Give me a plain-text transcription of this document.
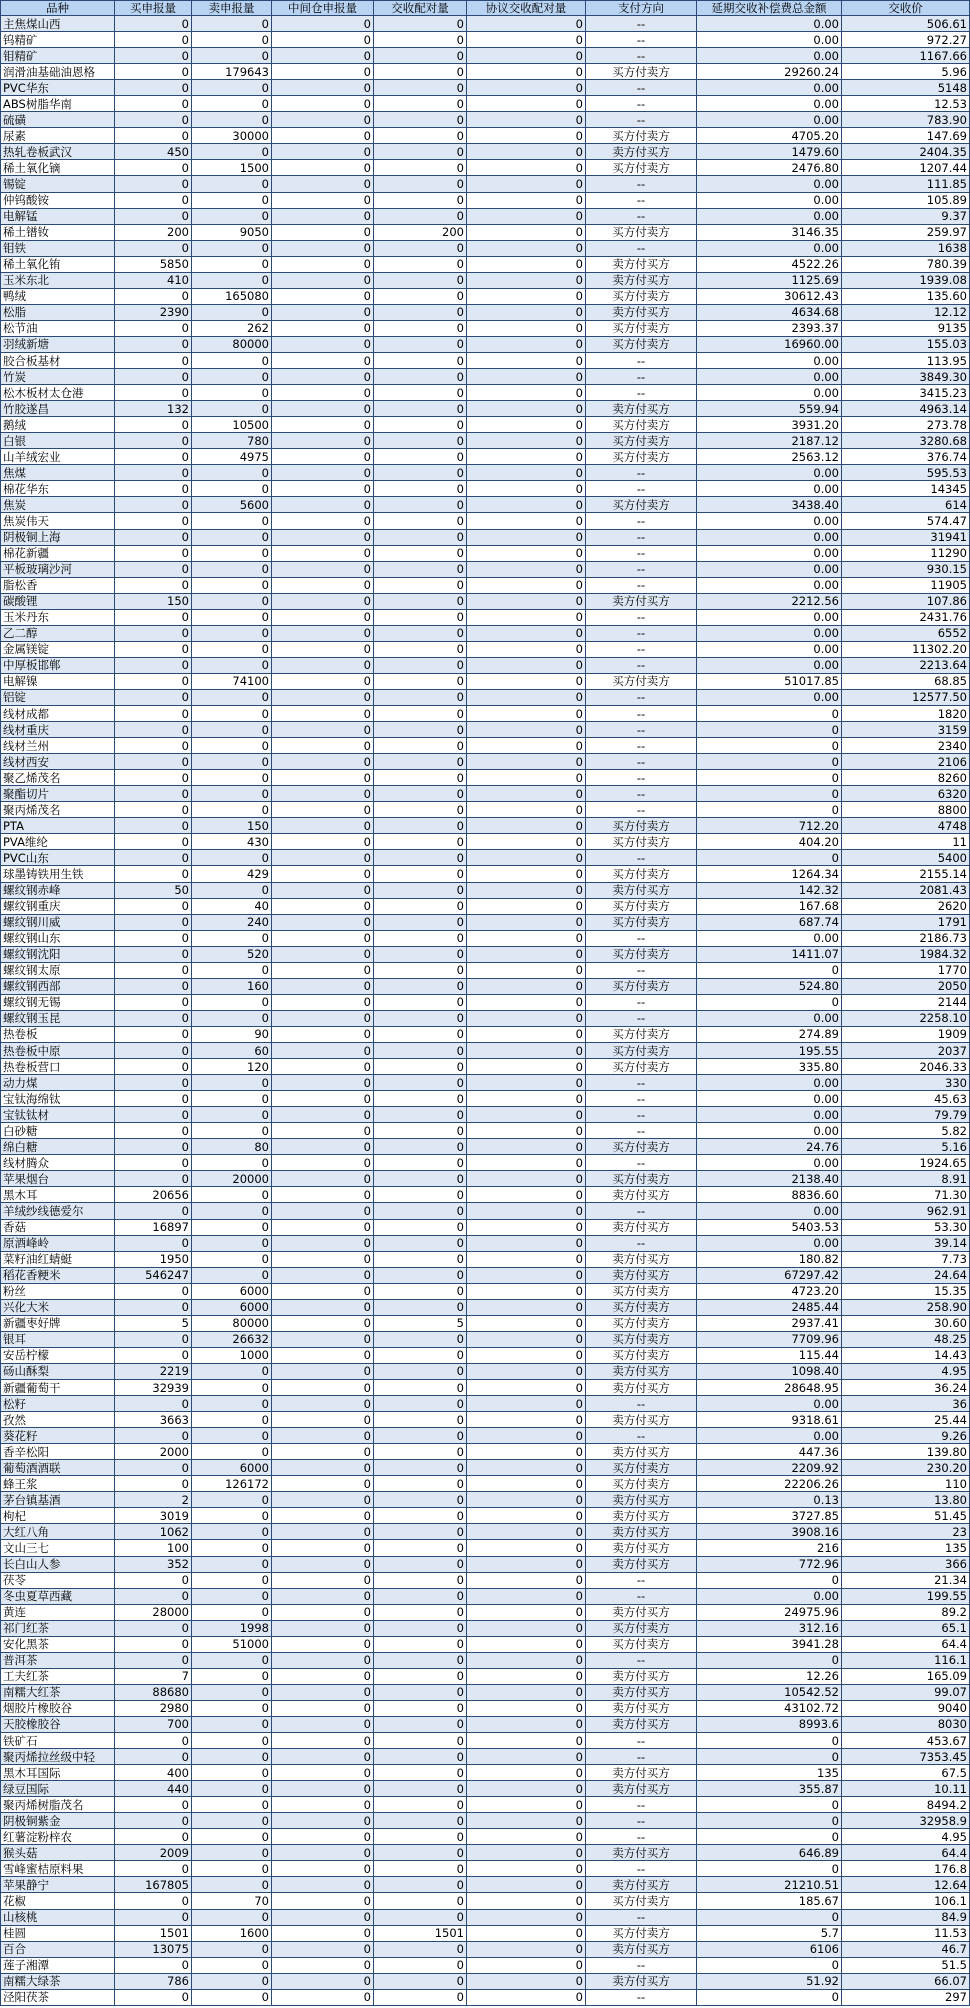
品种	买申报量	卖申报量	中间仓申报量	交收配对量	协议交收配对量	支付方向	延期交收补偿费总金额	交收价
主焦煤山西	0	0	0	0	0	--	0.00	506.61
钨精矿	0	0	0	0	0	--	0.00	972.27
钼精矿	0	0	0	0	0	--	0.00	1167.66
润滑油基础油恩格	0	179643	0	0	0	买方付卖方	29260.24	5.96
PVC华东	0	0	0	0	0	--	0.00	5148
ABS树脂华南	0	0	0	0	0	--	0.00	12.53
硫磺	0	0	0	0	0	--	0.00	783.90
尿素	0	30000	0	0	0	买方付卖方	4705.20	147.69
热轧卷板武汉	450	0	0	0	0	卖方付买方	1479.60	2404.35
稀土氧化镝	0	1500	0	0	0	买方付卖方	2476.80	1207.44
锡锭	0	0	0	0	0	--	0.00	111.85
仲钨酸铵	0	0	0	0	0	--	0.00	105.89
电解锰	0	0	0	0	0	--	0.00	9.37
稀土镨钕	200	9050	0	200	0	买方付卖方	3146.35	259.97
钼铁	0	0	0	0	0	--	0.00	1638
稀土氧化铕	5850	0	0	0	0	卖方付买方	4522.26	780.39
玉米东北	410	0	0	0	0	卖方付买方	1125.69	1939.08
鸭绒	0	165080	0	0	0	买方付卖方	30612.43	135.60
松脂	2390	0	0	0	0	卖方付买方	4634.68	12.12
松节油	0	262	0	0	0	买方付卖方	2393.37	9135
羽绒新塘	0	80000	0	0	0	买方付卖方	16960.00	155.03
胶合板基材	0	0	0	0	0	--	0.00	113.95
竹炭	0	0	0	0	0	--	0.00	3849.30
松木板材太仓港	0	0	0	0	0	--	0.00	3415.23
竹胶遂昌	132	0	0	0	0	卖方付买方	559.94	4963.14
鹅绒	0	10500	0	0	0	买方付卖方	3931.20	273.78
白银	0	780	0	0	0	买方付卖方	2187.12	3280.68
山羊绒宏业	0	4975	0	0	0	买方付卖方	2563.12	376.74
焦煤	0	0	0	0	0	--	0.00	595.53
棉花华东	0	0	0	0	0	--	0.00	14345
焦炭	0	5600	0	0	0	买方付卖方	3438.40	614
焦炭伟天	0	0	0	0	0	--	0.00	574.47
阴极铜上海	0	0	0	0	0	--	0.00	31941
棉花新疆	0	0	0	0	0	--	0.00	11290
平板玻璃沙河	0	0	0	0	0	--	0.00	930.15
脂松香	0	0	0	0	0	--	0.00	11905
碳酸锂	150	0	0	0	0	卖方付买方	2212.56	107.86
玉米丹东	0	0	0	0	0	--	0.00	2431.76
乙二醇	0	0	0	0	0	--	0.00	6552
金属镁锭	0	0	0	0	0	--	0.00	11302.20
中厚板邯郸	0	0	0	0	0	--	0.00	2213.64
电解镍	0	74100	0	0	0	买方付卖方	51017.85	68.85
铝锭	0	0	0	0	0	--	0.00	12577.50
线材成都	0	0	0	0	0	--	0	1820
线材重庆	0	0	0	0	0	--	0	3159
线材兰州	0	0	0	0	0	--	0	2340
线材西安	0	0	0	0	0	--	0	2106
聚乙烯茂名	0	0	0	0	0	--	0	8260
聚酯切片	0	0	0	0	0	--	0	6320
聚丙烯茂名	0	0	0	0	0	--	0	8800
PTA	0	150	0	0	0	买方付卖方	712.20	4748
PVA维纶	0	430	0	0	0	买方付卖方	404.20	11
PVC山东	0	0	0	0	0	--	0	5400
球墨铸铁用生铁	0	429	0	0	0	买方付卖方	1264.34	2155.14
螺纹钢赤峰	50	0	0	0	0	卖方付买方	142.32	2081.43
螺纹钢重庆	0	40	0	0	0	买方付卖方	167.68	2620
螺纹钢川威	0	240	0	0	0	买方付卖方	687.74	1791
螺纹钢山东	0	0	0	0	0	--	0.00	2186.73
螺纹钢沈阳	0	520	0	0	0	买方付卖方	1411.07	1984.32
螺纹钢太原	0	0	0	0	0	--	0	1770
螺纹钢西部	0	160	0	0	0	买方付卖方	524.80	2050
螺纹钢无锡	0	0	0	0	0	--	0	2144
螺纹钢玉昆	0	0	0	0	0	--	0.00	2258.10
热卷板	0	90	0	0	0	买方付卖方	274.89	1909
热卷板中原	0	60	0	0	0	买方付卖方	195.55	2037
热卷板营口	0	120	0	0	0	买方付卖方	335.80	2046.33
动力煤	0	0	0	0	0	--	0.00	330
宝钛海绵钛	0	0	0	0	0	--	0.00	45.63
宝钛钛材	0	0	0	0	0	--	0.00	79.79
白砂糖	0	0	0	0	0	--	0.00	5.82
绵白糖	0	80	0	0	0	买方付卖方	24.76	5.16
线材腾众	0	0	0	0	0	--	0.00	1924.65
苹果烟台	0	20000	0	0	0	买方付卖方	2138.40	8.91
黑木耳	20656	0	0	0	0	卖方付买方	8836.60	71.30
羊绒纱线德爱尔	0	0	0	0	0	--	0.00	962.91
香菇	16897	0	0	0	0	卖方付买方	5403.53	53.30
原酒峰岭	0	0	0	0	0	--	0.00	39.14
菜籽油红蜻蜓	1950	0	0	0	0	卖方付买方	180.82	7.73
稻花香粳米	546247	0	0	0	0	卖方付买方	67297.42	24.64
粉丝	0	6000	0	0	0	买方付卖方	4723.20	15.35
兴化大米	0	6000	0	0	0	买方付卖方	2485.44	258.90
新疆枣好牌	5	80000	0	5	0	买方付卖方	2937.41	30.60
银耳	0	26632	0	0	0	买方付卖方	7709.96	48.25
安岳柠檬	0	1000	0	0	0	买方付卖方	115.44	14.43
砀山酥梨	2219	0	0	0	0	卖方付买方	1098.40	4.95
新疆葡萄干	32939	0	0	0	0	卖方付买方	28648.95	36.24
松籽	0	0	0	0	0	--	0.00	36
孜然	3663	0	0	0	0	卖方付买方	9318.61	25.44
葵花籽	0	0	0	0	0	--	0.00	9.26
香辛松阳	2000	0	0	0	0	卖方付买方	447.36	139.80
葡萄酒酒联	0	6000	0	0	0	买方付卖方	2209.92	230.20
蜂王浆	0	126172	0	0	0	买方付卖方	22206.26	110
茅台镇基酒	2	0	0	0	0	卖方付买方	0.13	13.80
枸杞	3019	0	0	0	0	卖方付买方	3727.85	51.45
大红八角	1062	0	0	0	0	卖方付买方	3908.16	23
文山三七	100	0	0	0	0	卖方付买方	216	135
长白山人参	352	0	0	0	0	卖方付买方	772.96	366
茯苓	0	0	0	0	0	--	0	21.34
冬虫夏草西藏	0	0	0	0	0	--	0.00	199.55
黄连	28000	0	0	0	0	卖方付买方	24975.96	89.2
祁门红茶	0	1998	0	0	0	买方付卖方	312.16	65.1
安化黑茶	0	51000	0	0	0	买方付卖方	3941.28	64.4
普洱茶	0	0	0	0	0	--	0	116.1
工夫红茶	7	0	0	0	0	卖方付买方	12.26	165.09
南糯大红茶	88680	0	0	0	0	卖方付买方	10542.52	99.07
烟胶片橡胶谷	2980	0	0	0	0	卖方付买方	43102.72	9040
天胶橡胶谷	700	0	0	0	0	卖方付买方	8993.6	8030
铁矿石	0	0	0	0	0	--	0	453.67
聚丙烯拉丝级中轻	0	0	0	0	0	--	0	7353.45
黑木耳国际	400	0	0	0	0	卖方付买方	135	67.5
绿豆国际	440	0	0	0	0	卖方付买方	355.87	10.11
聚丙烯树脂茂名	0	0	0	0	0	--	0	8494.2
阴极铜紫金	0	0	0	0	0	--	0	32958.9
红薯淀粉梓农	0	0	0	0	0	--	0	4.95
猴头菇	2009	0	0	0	0	卖方付买方	646.89	64.4
雪峰蜜桔原料果	0	0	0	0	0	--	0	176.8
苹果静宁	167805	0	0	0	0	卖方付买方	21210.51	12.64
花椒	0	70	0	0	0	买方付卖方	185.67	106.1
山核桃	0	0	0	0	0	--	0	84.9
桂圆	1501	1600	0	1501	0	买方付卖方	5.7	11.53
百合	13075	0	0	0	0	卖方付买方	6106	46.7
莲子湘潭	0	0	0	0	0	--	0	51.5
南糯大绿茶	786	0	0	0	0	卖方付买方	51.92	66.07
泾阳茯茶	0	0	0	0	0	--	0	297
